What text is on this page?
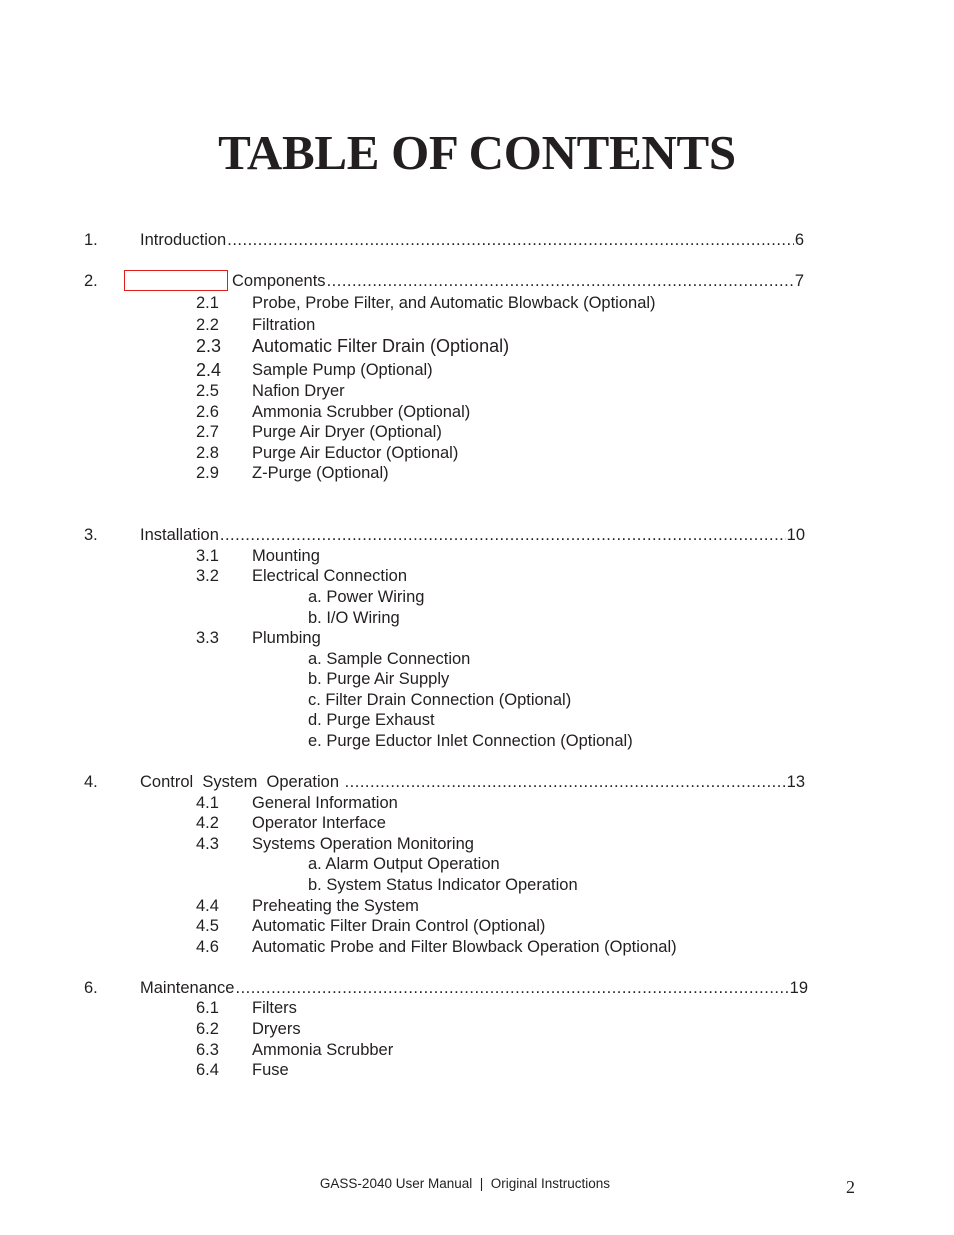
TABLE OF CONTENTS
1.	Introduction .....	6
2.	Components .....	7
2.1 Probe, Probe Filter, and Automatic Blowback (Optional)
2.2 Filtration
2.3 Automatic Filter Drain (Optional)
2.4 Sample Pump (Optional)
2.5 Nafion Dryer
2.6 Ammonia Scrubber (Optional)
2.7 Purge Air Dryer (Optional)
2.8 Purge Air Eductor (Optional)
2.9 Z-Purge (Optional)
3.	Installation .....	10
3.1 Mounting
3.2 Electrical Connection
a. Power Wiring
b. I/O Wiring
3.3 Plumbing
a. Sample Connection
b. Purge Air Supply
c. Filter Drain Connection (Optional)
d. Purge Exhaust
e. Purge Eductor Inlet Connection (Optional)
4.	Control  System  Operation .....	13
4.1 General Information
4.2 Operator Interface
4.3 Systems Operation Monitoring
a. Alarm Output Operation
b. System Status Indicator Operation
4.4 Preheating the System
4.5 Automatic Filter Drain Control (Optional)
4.6 Automatic Probe and Filter Blowback Operation (Optional)
6.	Maintenance .....	19
6.1 Filters
6.2 Dryers
6.3 Ammonia Scrubber
6.4 Fuse
GASS-2040 User Manual  |  Original Instructions	2
